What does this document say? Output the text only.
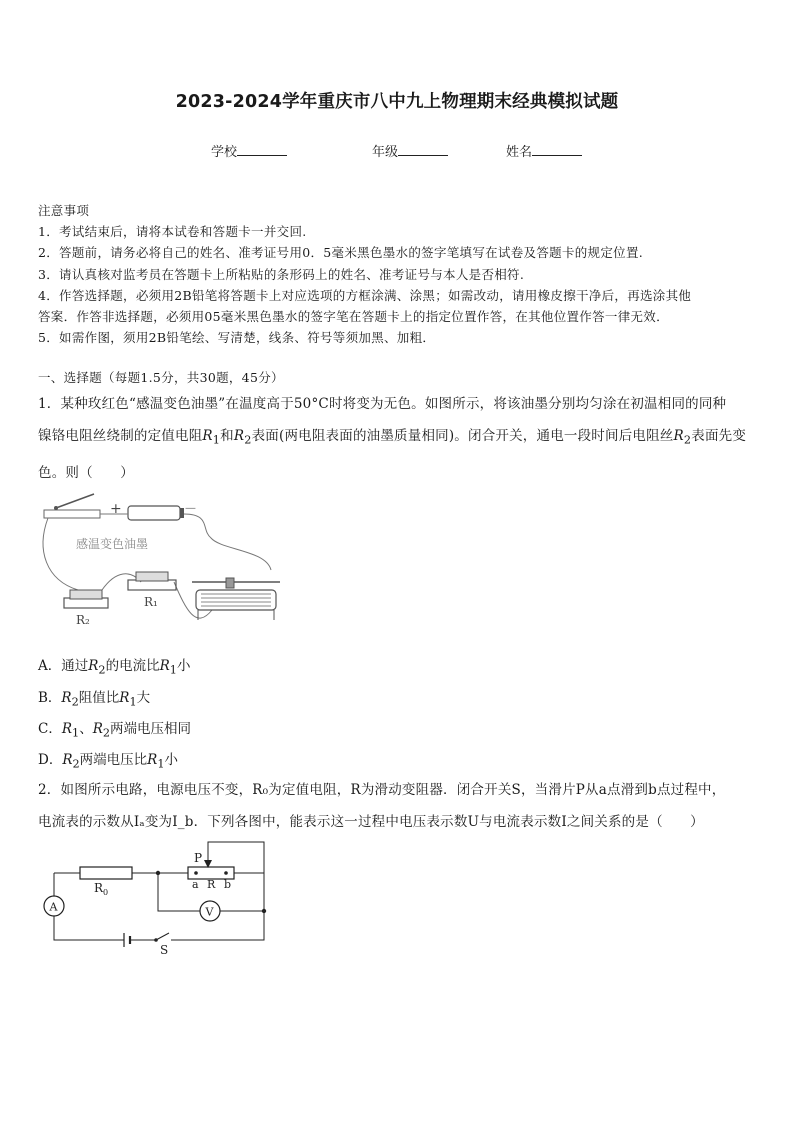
2023-2024学年重庆市八中九上物理期末经典模拟试题
学校	年级	姓名
注意事项
1．考试结束后，请将本试卷和答题卡一并交回.
2．答题前，请务必将自己的姓名、准考证号用0．5毫米黑色墨水的签字笔填写在试卷及答题卡的规定位置.
3．请认真核对监考员在答题卡上所粘贴的条形码上的姓名、准考证号与本人是否相符.
4．作答选择题，必须用2B铅笔将答题卡上对应选项的方框涂满、涂黑；如需改动，请用橡皮擦干净后，再选涂其他
答案．作答非选择题，必须用05毫米黑色墨水的签字笔在答题卡上的指定位置作答，在其他位置作答一律无效．
5．如需作图，须用2B铅笔绘、写清楚，线条、符号等须加黑、加粗．
一、选择题（每题1.5分，共30题，45分）
1．某种玫红色“感温变色油墨”在温度高于50°C时将变为无色。如图所示，将该油墨分别均匀涂在初温相同的同种
镍铬电阻丝绕制的定值电阻$R_1$和$R_2$表面(两电阻表面的油墨质量相同)。闭合开关，通电一段时间后电阻丝$R_2$表面先变
色。则（　　）
+	－
感温变色油墨
R₂
R₁
A．通过$R_2$的电流比$R_1$小
B．$R_2$阻值比$R_1$大
C．$R_1$、$R_2$两端电压相同
D．$R_2$两端电压比$R_1$小
2．如图所示电路，电源电压不变，R₀为定值电阻，R为滑动变阻器．闭合开关S，当滑片P从a点滑到b点过程中，
电流表的示数从Iₐ变为I_b．下列各图中，能表示这一过程中电压表示数U与电流表示数I之间关系的是（　　）
R 0
a R b
P
V
A
S
